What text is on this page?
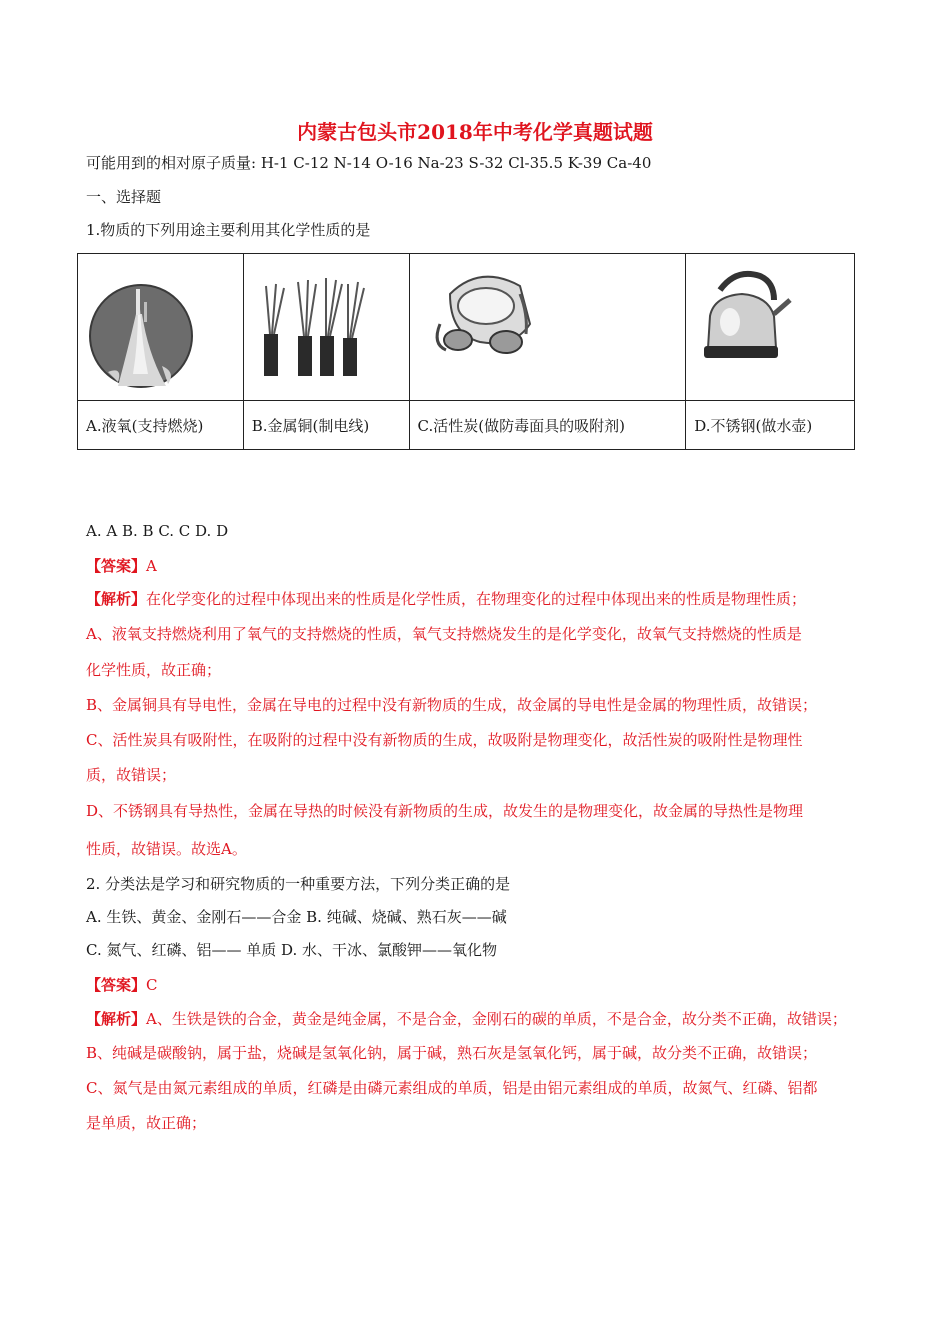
内蒙古包头市2018年中考化学真题试题
可能用到的相对原子质量: H-1 C-12 N-14 O-16 Na-23 S-32 Cl-35.5 K-39 Ca-40
一、选择题
1.物质的下列用途主要利用其化学性质的是

A.液氧(支持燃烧)	B.金属铜(制电线)	C.活性炭(做防毒面具的吸附剂)	D.不锈钢(做水壶)
A. A B. B C. C D. D
【答案】A
【解析】在化学变化的过程中体现出来的性质是化学性质，在物理变化的过程中体现出来的性质是物理性质；
A、液氧支持燃烧利用了氧气的支持燃烧的性质，氧气支持燃烧发生的是化学变化，故氧气支持燃烧的性质是
化学性质，故正确；
B、金属铜具有导电性，金属在导电的过程中没有新物质的生成，故金属的导电性是金属的物理性质，故错误；
C、活性炭具有吸附性，在吸附的过程中没有新物质的生成，故吸附是物理变化，故活性炭的吸附性是物理性
质，故错误；
D、不锈钢具有导热性，金属在导热的时候没有新物质的生成，故发生的是物理变化，故金属的导热性是物理
性质，故错误。故选A。
2. 分类法是学习和研究物质的一种重要方法，下列分类正确的是
A. 生铁、黄金、金刚石——合金 B. 纯碱、烧碱、熟石灰——碱
C. 氮气、红磷、铝—— 单质 D. 水、干冰、氯酸钾——氧化物
【答案】C
【解析】A、生铁是铁的合金，黄金是纯金属，不是合金，金刚石的碳的单质，不是合金，故分类不正确，故错误；
B、纯碱是碳酸钠，属于盐，烧碱是氢氧化钠，属于碱，熟石灰是氢氧化钙，属于碱，故分类不正确，故错误；
C、氮气是由氮元素组成的单质，红磷是由磷元素组成的单质，铝是由铝元素组成的单质，故氮气、红磷、铝都
是单质，故正确；
